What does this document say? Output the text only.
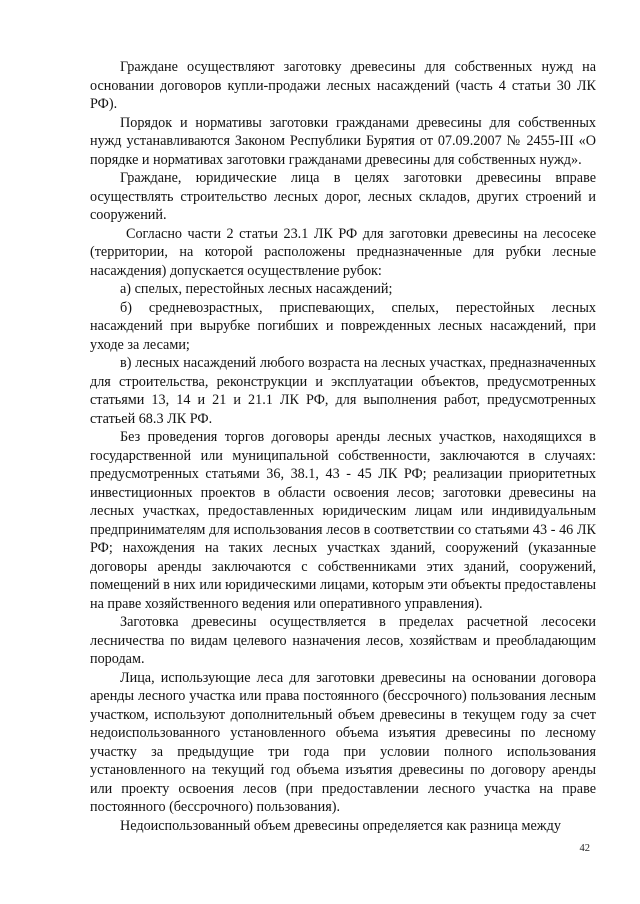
Граждане осуществляют заготовку древесины для собственных нужд на основании договоров купли-продажи лесных насаждений (часть 4 статьи 30 ЛК РФ).

Порядок и нормативы заготовки гражданами древесины для собственных нужд устанавливаются Законом Республики Бурятия от 07.09.2007 № 2455-III «О порядке и нормативах заготовки гражданами древесины для собственных нужд».

Граждане, юридические лица в целях заготовки древесины вправе осуществлять строительство лесных дорог, лесных складов, других строений и сооружений.

Согласно части 2 статьи 23.1 ЛК РФ для заготовки древесины на лесосеке (территории, на которой расположены предназначенные для рубки лесные насаждения) допускается осуществление рубок:

а) спелых, перестойных лесных насаждений;

б) средневозрастных, приспевающих, спелых, перестойных лесных насаждений при вырубке погибших и поврежденных лесных насаждений, при уходе за лесами;

в) лесных насаждений любого возраста на лесных участках, предназначенных для строительства, реконструкции и эксплуатации объектов, предусмотренных статьями 13, 14 и 21 и 21.1 ЛК РФ, для выполнения работ, предусмотренных статьей 68.3 ЛК РФ.

Без проведения торгов договоры аренды лесных участков, находящихся в государственной или муниципальной собственности, заключаются в случаях: предусмотренных статьями 36, 38.1, 43 - 45 ЛК РФ; реализации приоритетных инвестиционных проектов в области освоения лесов; заготовки древесины на лесных участках, предоставленных юридическим лицам или индивидуальным предпринимателям для использования лесов в соответствии со статьями 43 - 46 ЛК РФ; нахождения на таких лесных участках зданий, сооружений (указанные договоры аренды заключаются с собственниками этих зданий, сооружений, помещений в них или юридическими лицами, которым эти объекты предоставлены на праве хозяйственного ведения или оперативного управления).

Заготовка древесины осуществляется в пределах расчетной лесосеки лесничества по видам целевого назначения лесов, хозяйствам и преобладающим породам.

Лица, использующие леса для заготовки древесины на основании договора аренды лесного участка или права постоянного (бессрочного) пользования лесным участком, используют дополнительный объем древесины в текущем году за счет недоиспользованного установленного объема изъятия древесины по лесному участку за предыдущие три года при условии полного использования установленного на текущий год объема изъятия древесины по договору аренды или проекту освоения лесов (при предоставлении лесного участка на праве постоянного (бессрочного) пользования).

Недоиспользованный объем древесины определяется как разница между

42
